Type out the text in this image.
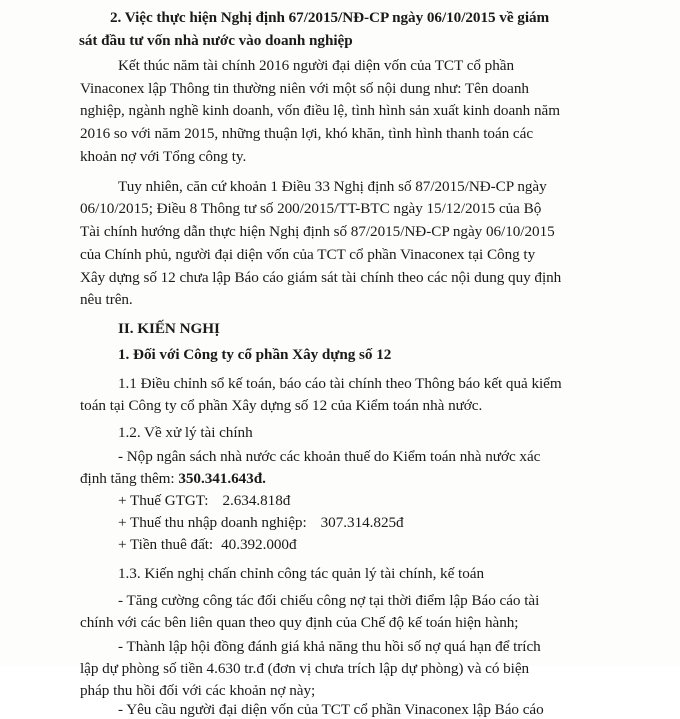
2. Việc thực hiện Nghị định 67/2015/NĐ-CP ngày 06/10/2015 về giám
sát đầu tư vốn nhà nước vào doanh nghiệp
Kết thúc năm tài chính 2016 người đại diện vốn của TCT cổ phần
Vinaconex lập Thông tin thường niên với một số nội dung như: Tên doanh
nghiệp, ngành nghề kinh doanh, vốn điều lệ, tình hình sản xuất kinh doanh năm
2016 so với năm 2015, những thuận lợi, khó khăn, tình hình thanh toán các
khoản nợ với Tổng công ty.
Tuy nhiên, căn cứ khoản 1 Điều 33 Nghị định số 87/2015/NĐ-CP ngày
06/10/2015; Điều 8 Thông tư số 200/2015/TT-BTC ngày 15/12/2015 của Bộ
Tài chính hướng dẫn thực hiện Nghị định số 87/2015/NĐ-CP ngày 06/10/2015
của Chính phủ, người đại diện vốn của TCT cổ phần Vinaconex tại Công ty
Xây dựng số 12 chưa lập Báo cáo giám sát tài chính theo các nội dung quy định
nêu trên.
II. KIẾN NGHỊ
1. Đối với Công ty cổ phần Xây dựng số 12
1.1 Điều chỉnh sổ kế toán, báo cáo tài chính theo Thông báo kết quả kiểm
toán tại Công ty cổ phần Xây dựng số 12 của Kiểm toán nhà nước.
1.2. Về xử lý tài chính
- Nộp ngân sách nhà nước các khoản thuế do Kiểm toán nhà nước xác
định tăng thêm: 350.341.643đ.
+ Thuế GTGT: 2.634.818đ
+ Thuế thu nhập doanh nghiệp: 307.314.825đ
+ Tiền thuê đất: 40.392.000đ
1.3. Kiến nghị chấn chỉnh công tác quản lý tài chính, kế toán
- Tăng cường công tác đối chiếu công nợ tại thời điểm lập Báo cáo tài
chính với các bên liên quan theo quy định của Chế độ kế toán hiện hành;
- Thành lập hội đồng đánh giá khả năng thu hồi số nợ quá hạn để trích
lập dự phòng số tiền 4.630 tr.đ (đơn vị chưa trích lập dự phòng) và có biện
pháp thu hồi đối với các khoản nợ này;
- Yêu cầu người đại diện vốn của TCT cổ phần Vinaconex lập Báo cáo
